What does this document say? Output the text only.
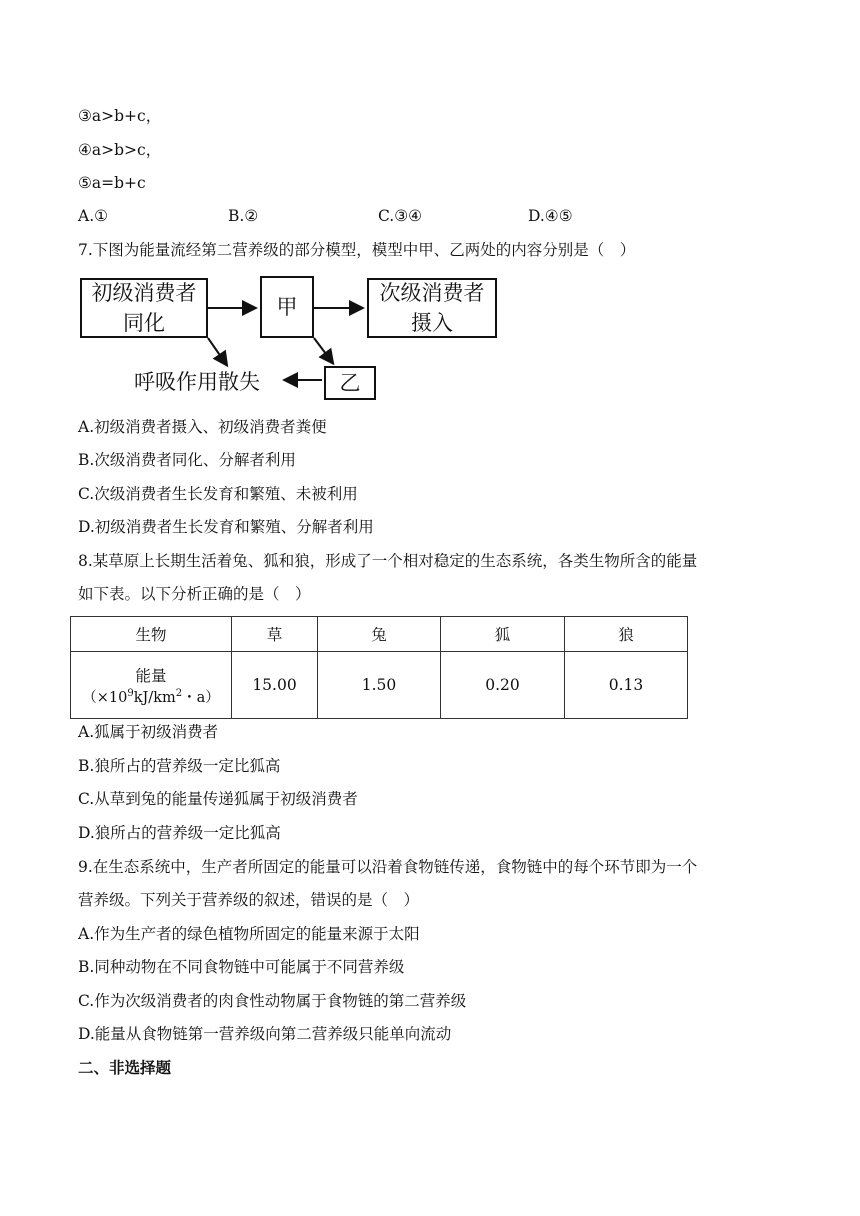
③a>b+c，
④a>b>c，
⑤a=b+c
A.①	B.②	C.③④	D.④⑤
7.下图为能量流经第二营养级的部分模型，模型中甲、乙两处的内容分别是（　）
初级消费者
同化
甲
次级消费者
摄入
乙
呼吸作用散失
A.初级消费者摄入、初级消费者粪便
B.次级消费者同化、分解者利用
C.次级消费者生长发育和繁殖、未被利用
D.初级消费者生长发育和繁殖、分解者利用
8.某草原上长期生活着兔、狐和狼，形成了一个相对稳定的生态系统，各类生物所含的能量
如下表。以下分析正确的是（　）
生物	草	兔	狐	狼

能量
（$\times 10^9kJ/km^2$・a）	15.00	1.50	0.20	0.13
A.狐属于初级消费者
B.狼所占的营养级一定比狐高
C.从草到兔的能量传递狐属于初级消费者
D.狼所占的营养级一定比狐高
9.在生态系统中，生产者所固定的能量可以沿着食物链传递，食物链中的每个环节即为一个
营养级。下列关于营养级的叙述，错误的是（　）
A.作为生产者的绿色植物所固定的能量来源于太阳
B.同种动物在不同食物链中可能属于不同营养级
C.作为次级消费者的肉食性动物属于食物链的第二营养级
D.能量从食物链第一营养级向第二营养级只能单向流动
二、非选择题
